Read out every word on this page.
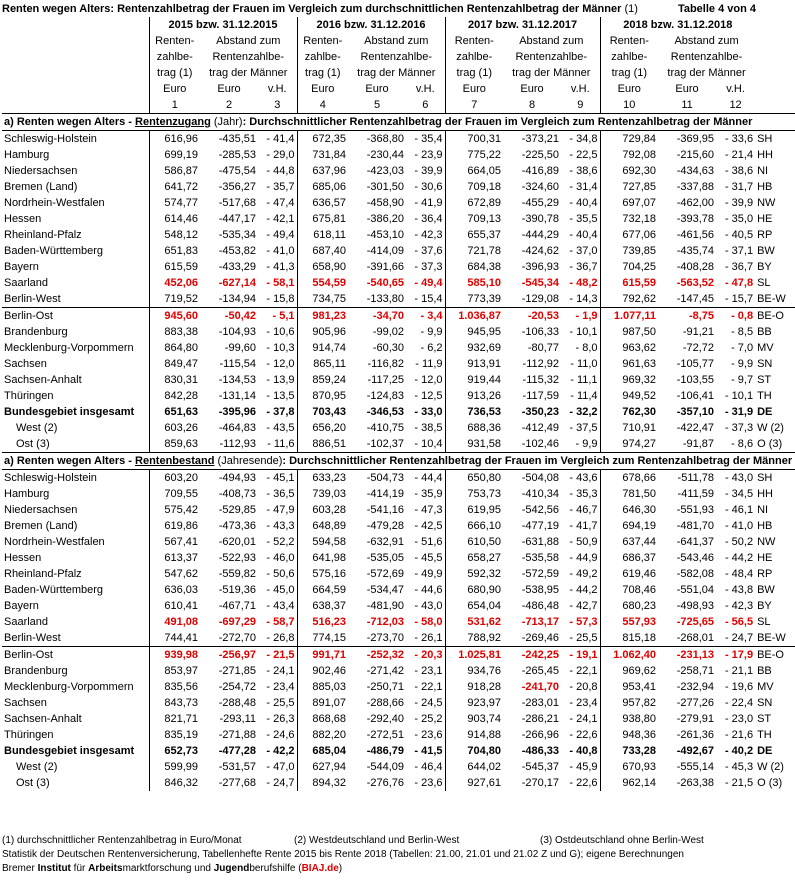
Renten wegen Alters: Rentenzahlbetrag der Frauen im Vergleich zum durchschnittlichen Rentenzahlbetrag der Männer (1)	Tabelle 4 von 4
	2015 bzw. 31.12.2015			2016 bzw. 31.12.2016			2017 bzw. 31.12.2017			2018 bzw. 31.12.2018			
	Renten-	Abstand zum		Renten-	Abstand zum		Renten-	Abstand zum		Renten-	Abstand zum		
	zahlbe-	Rentenzahlbe-		zahlbe-	Rentenzahlbe-		zahlbe-	Rentenzahlbe-		zahlbe-	Rentenzahlbe-		
	trag (1)	trag der Männer		trag (1)	trag der Männer		trag (1)	trag der Männer		trag (1)	trag der Männer		
	Euro	Euro	v.H.	Euro	Euro	v.H.	Euro	Euro	v.H.	Euro	Euro	v.H.	
	1	2	3	4	5	6	7	8	9	10	11	12	
a) Renten wegen Alters - Rentenzugang (Jahr): Durchschnittlicher Rentenzahlbetrag der Frauen im Vergleich zum Rentenzahlbetrag der Männer													
Schleswig-Holstein	616,96	-435,51	- 41,4	672,35	-368,80	- 35,4	700,31	-373,21	- 34,8	729,84	-369,95	- 33,6	SH
Hamburg	699,19	-285,53	- 29,0	731,84	-230,44	- 23,9	775,22	-225,50	- 22,5	792,08	-215,60	- 21,4	HH
Niedersachsen	586,87	-475,54	- 44,8	637,96	-423,03	- 39,9	664,05	-416,89	- 38,6	692,30	-434,63	- 38,6	NI
Bremen (Land)	641,72	-356,27	- 35,7	685,06	-301,50	- 30,6	709,18	-324,60	- 31,4	727,85	-337,88	- 31,7	HB
Nordrhein-Westfalen	574,77	-517,68	- 47,4	636,57	-458,90	- 41,9	672,89	-455,29	- 40,4	697,07	-462,00	- 39,9	NW
Hessen	614,46	-447,17	- 42,1	675,81	-386,20	- 36,4	709,13	-390,78	- 35,5	732,18	-393,78	- 35,0	HE
Rheinland-Pfalz	548,12	-535,34	- 49,4	618,11	-453,10	- 42,3	655,37	-444,29	- 40,4	677,06	-461,56	- 40,5	RP
Baden-Württemberg	651,83	-453,82	- 41,0	687,40	-414,09	- 37,6	721,78	-424,62	- 37,0	739,85	-435,74	- 37,1	BW
Bayern	615,59	-433,29	- 41,3	658,90	-391,66	- 37,3	684,38	-396,93	- 36,7	704,25	-408,28	- 36,7	BY
Saarland	452,06	-627,14	- 58,1	554,59	-540,65	- 49,4	585,10	-545,34	- 48,2	615,59	-563,52	- 47,8	SL
Berlin-West	719,52	-134,94	- 15,8	734,75	-133,80	- 15,4	773,39	-129,08	- 14,3	792,62	-147,45	- 15,7	BE-W
Berlin-Ost	945,60	-50,42	- 5,1	981,23	-34,70	- 3,4	1.036,87	-20,53	- 1,9	1.077,11	-8,75	- 0,8	BE-O
Brandenburg	883,38	-104,93	- 10,6	905,96	-99,02	- 9,9	945,95	-106,33	- 10,1	987,50	-91,21	- 8,5	BB
Mecklenburg-Vorpommern	864,80	-99,60	- 10,3	914,74	-60,30	- 6,2	932,69	-80,77	- 8,0	963,62	-72,72	- 7,0	MV
Sachsen	849,47	-115,54	- 12,0	865,11	-116,82	- 11,9	913,91	-112,92	- 11,0	961,63	-105,77	- 9,9	SN
Sachsen-Anhalt	830,31	-134,53	- 13,9	859,24	-117,25	- 12,0	919,44	-115,32	- 11,1	969,32	-103,55	- 9,7	ST
Thüringen	842,28	-131,14	- 13,5	870,95	-124,83	- 12,5	913,26	-117,59	- 11,4	949,52	-106,41	- 10,1	TH
Bundesgebiet insgesamt	651,63	-395,96	- 37,8	703,43	-346,53	- 33,0	736,53	-350,23	- 32,2	762,30	-357,10	- 31,9	DE
West (2)	603,26	-464,83	- 43,5	656,20	-410,75	- 38,5	688,36	-412,49	- 37,5	710,91	-422,47	- 37,3	W (2)
Ost (3)	859,63	-112,93	- 11,6	886,51	-102,37	- 10,4	931,58	-102,46	- 9,9	974,27	-91,87	- 8,6	O (3)
a) Renten wegen Alters - Rentenbestand (Jahresende): Durchschnittlicher Rentenzahlbetrag der Frauen im Vergleich zum Rentenzahlbetrag der Männer													
Schleswig-Holstein	603,20	-494,93	- 45,1	633,23	-504,73	- 44,4	650,80	-504,08	- 43,6	678,66	-511,78	- 43,0	SH
Hamburg	709,55	-408,73	- 36,5	739,03	-414,19	- 35,9	753,73	-410,34	- 35,3	781,50	-411,59	- 34,5	HH
Niedersachsen	575,42	-529,85	- 47,9	603,28	-541,16	- 47,3	619,95	-542,56	- 46,7	646,30	-551,93	- 46,1	NI
Bremen (Land)	619,86	-473,36	- 43,3	648,89	-479,28	- 42,5	666,10	-477,19	- 41,7	694,19	-481,70	- 41,0	HB
Nordrhein-Westfalen	567,41	-620,01	- 52,2	594,58	-632,91	- 51,6	610,50	-631,88	- 50,9	637,44	-641,37	- 50,2	NW
Hessen	613,37	-522,93	- 46,0	641,98	-535,05	- 45,5	658,27	-535,58	- 44,9	686,37	-543,46	- 44,2	HE
Rheinland-Pfalz	547,62	-559,82	- 50,6	575,16	-572,69	- 49,9	592,32	-572,59	- 49,2	619,46	-582,08	- 48,4	RP
Baden-Württemberg	636,03	-519,36	- 45,0	664,59	-534,47	- 44,6	680,90	-538,95	- 44,2	708,46	-551,04	- 43,8	BW
Bayern	610,41	-467,71	- 43,4	638,37	-481,90	- 43,0	654,04	-486,48	- 42,7	680,23	-498,93	- 42,3	BY
Saarland	491,08	-697,29	- 58,7	516,23	-712,03	- 58,0	531,62	-713,17	- 57,3	557,93	-725,65	- 56,5	SL
Berlin-West	744,41	-272,70	- 26,8	774,15	-273,70	- 26,1	788,92	-269,46	- 25,5	815,18	-268,01	- 24,7	BE-W
Berlin-Ost	939,98	-256,97	- 21,5	991,71	-252,32	- 20,3	1.025,81	-242,25	- 19,1	1.062,40	-231,13	- 17,9	BE-O
Brandenburg	853,97	-271,85	- 24,1	902,46	-271,42	- 23,1	934,76	-265,45	- 22,1	969,62	-258,71	- 21,1	BB
Mecklenburg-Vorpommern	835,56	-254,72	- 23,4	885,03	-250,71	- 22,1	918,28	-241,70	- 20,8	953,41	-232,94	- 19,6	MV
Sachsen	843,73	-288,48	- 25,5	891,07	-288,66	- 24,5	923,97	-283,01	- 23,4	957,82	-277,26	- 22,4	SN
Sachsen-Anhalt	821,71	-293,11	- 26,3	868,68	-292,40	- 25,2	903,74	-286,21	- 24,1	938,80	-279,91	- 23,0	ST
Thüringen	835,19	-271,88	- 24,6	882,20	-272,51	- 23,6	914,88	-266,96	- 22,6	948,36	-261,36	- 21,6	TH
Bundesgebiet insgesamt	652,73	-477,28	- 42,2	685,04	-486,79	- 41,5	704,80	-486,33	- 40,8	733,28	-492,67	- 40,2	DE
West (2)	599,99	-531,57	- 47,0	627,94	-544,09	- 46,4	644,02	-545,37	- 45,9	670,93	-555,14	- 45,3	W (2)
Ost (3)	846,32	-277,68	- 24,7	894,32	-276,76	- 23,6	927,61	-270,17	- 22,6	962,14	-263,38	- 21,5	O (3)
(1) durchschnittlicher Rentenzahlbetrag in Euro/Monat	(2) Westdeutschland und Berlin-West	(3) Ostdeutschland ohne Berlin-West
Statistik der Deutschen Rentenversicherung, Tabellenhefte Rente 2015 bis Rente 2018 (Tabellen: 21.00, 21.01 und 21.02 Z und G); eigene Berechnungen
Bremer Institut für Arbeitsmarktforschung und Jugendberufshilfe (BIAJ.de)
